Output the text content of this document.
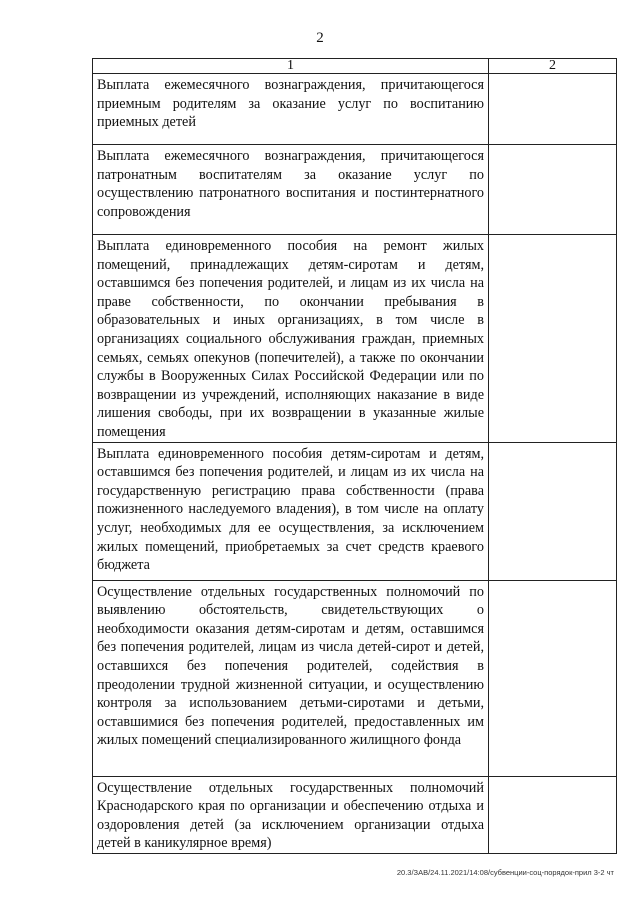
2
1	2

Выплата ежемесячного вознаграждения, причитающегося приемным родителям за оказание услуг по воспитанию приемных детей	

Выплата ежемесячного вознаграждения, причитающегося патронатным воспитателям за оказание услуг по осуществлению патронатного воспитания и постинтернатного сопровождения	

Выплата единовременного пособия на ремонт жилых помещений, принадлежащих детям-сиротам и детям, оставшимся без попечения родителей, и лицам из их числа на праве собственности, по окончании пребывания в образовательных и иных организациях, в том числе в организациях социального обслуживания граждан, приемных семьях, семьях опекунов (попечителей), а также по окончании службы в Вооруженных Силах Российской Федерации или по возвращении из учреждений, исполняющих наказание в виде лишения свободы, при их возвращении в указанные жилые помещения	

Выплата единовременного пособия детям-сиротам и детям, оставшимся без попечения родителей, и лицам из их числа на государственную регистрацию права собственности (права пожизненного наследуемого владения), в том числе на оплату услуг, необходимых для ее осуществления, за исключением жилых помещений, приобретаемых за счет средств краевого бюджета	

Осуществление отдельных государственных полномочий по выявлению обстоятельств, свидетельствующих о необходимости оказания детям-сиротам и детям, оставшимся без попечения родителей, лицам из числа детей-сирот и детей, оставшихся без попечения родителей, содействия в преодолении трудной жизненной ситуации, и осуществлению контроля за использованием детьми-сиротами и детьми, оставшимися без попечения родителей, предоставленных им жилых помещений специализированного жилищного фонда	

Осуществление отдельных государственных полномочий Краснодарского края по организации и обеспечению отдыха и оздоровления детей (за исключением организации отдыха детей в каникулярное время)	

20.3/ЗАВ/24.11.2021/14:08/субвенции-соц-порядок-прил 3-2 чт
